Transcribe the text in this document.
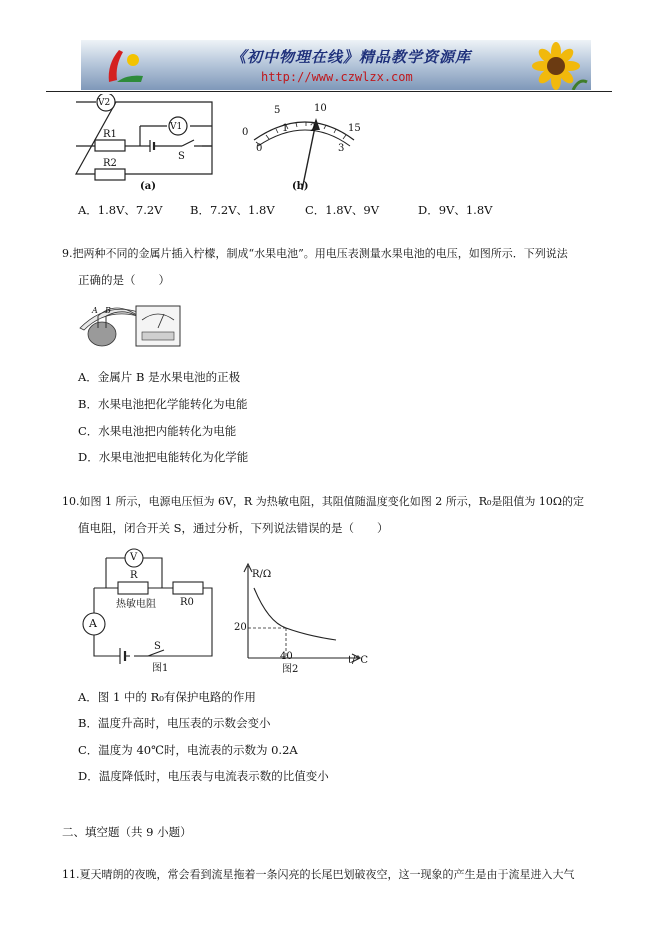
《初中物理在线》精品教学资源库
http://www.czwlzx.com
V2
V1
R1
R2
S
(a)
0
5	10
15
0
1 2
3
(b)
A．1.8V、7.2V B．7.2V、1.8V	C．1.8V、9V	D．9V、1.8V
9.把两种不同的金属片插入柠檬，制成“水果电池”。用电压表测量水果电池的电压，如图所示．下列说法
正确的是（　　）
A B
A．金属片 B 是水果电池的正极
B．水果电池把化学能转化为电能
C．水果电池把内能转化为电能
D．水果电池把电能转化为化学能
10.如图 1 所示，电源电压恒为 6V，R 为热敏电阻，其阻值随温度变化如图 2 所示，R₀是阻值为 10Ω的定
值电阻，闭合开关 S，通过分析，下列说法错误的是（　　）
V
A
R
R0
热敏电阻
S
图1
R/Ω
t/°C
20
40
图2
A．图 1 中的 R₀有保护电路的作用
B．温度升高时，电压表的示数会变小
C．温度为 40℃时，电流表的示数为 0.2A
D．温度降低时，电压表与电流表示数的比值变小
二、填空题（共 9 小题）
11.夏天晴朗的夜晚，常会看到流星拖着一条闪亮的长尾巴划破夜空，这一现象的产生是由于流星进入大气
